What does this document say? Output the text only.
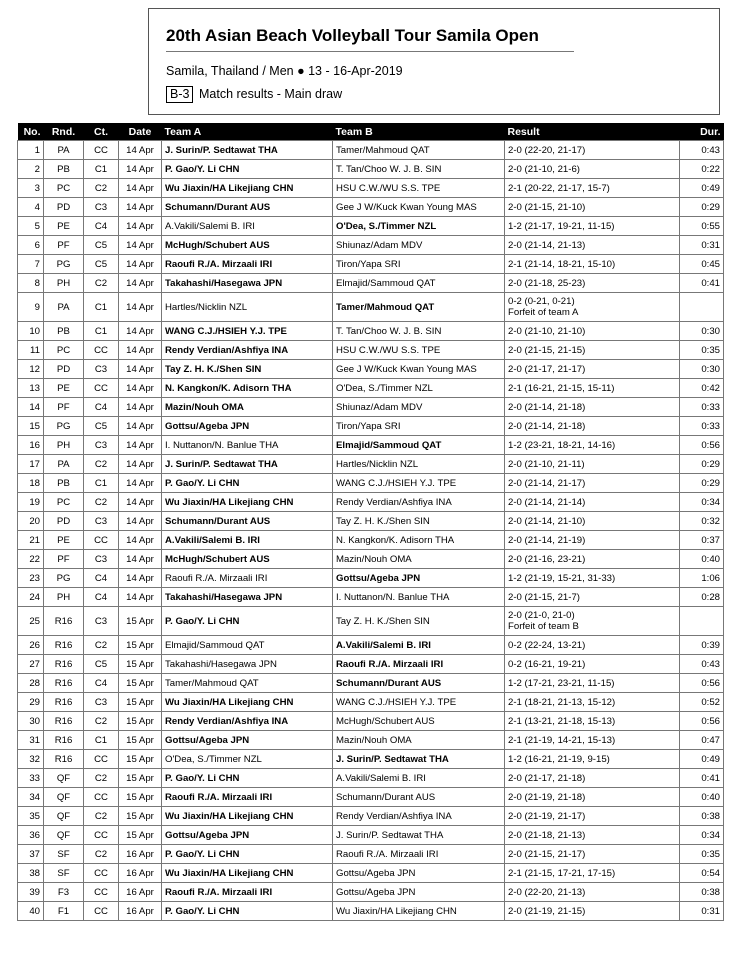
20th Asian Beach Volleyball Tour Samila Open
Samila, Thailand / Men ● 13 - 16-Apr-2019
B-3 Match results - Main draw
No.	Rnd.	Ct.	Date	Team A	Team B	Result	Dur.
1	PA	CC	14 Apr	J. Surin/P. Sedtawat THA	Tamer/Mahmoud QAT	2-0 (22-20, 21-17)	0:43
2	PB	C1	14 Apr	P. Gao/Y. Li CHN	T. Tan/Choo W. J. B. SIN	2-0 (21-10, 21-6)	0:22
3	PC	C2	14 Apr	Wu Jiaxin/HA Likejiang CHN	HSU C.W./WU S.S. TPE	2-1 (20-22, 21-17, 15-7)	0:49
4	PD	C3	14 Apr	Schumann/Durant AUS	Gee J W/Kuck Kwan Young MAS	2-0 (21-15, 21-10)	0:29
5	PE	C4	14 Apr	A.Vakili/Salemi B. IRI	O'Dea, S./Timmer NZL	1-2 (21-17, 19-21, 11-15)	0:55
6	PF	C5	14 Apr	McHugh/Schubert AUS	Shiunaz/Adam MDV	2-0 (21-14, 21-13)	0:31
7	PG	C5	14 Apr	Raoufi R./A. Mirzaali IRI	Tiron/Yapa SRI	2-1 (21-14, 18-21, 15-10)	0:45
8	PH	C2	14 Apr	Takahashi/Hasegawa JPN	Elmajid/Sammoud QAT	2-0 (21-18, 25-23)	0:41
9	PA	C1	14 Apr	Hartles/Nicklin NZL	Tamer/Mahmoud QAT	0-2 (0-21, 0-21)
Forfeit of team A	

10	PB	C1	14 Apr	WANG C.J./HSIEH Y.J. TPE	T. Tan/Choo W. J. B. SIN	2-0 (21-10, 21-10)	0:30
11	PC	CC	14 Apr	Rendy Verdian/Ashfiya INA	HSU C.W./WU S.S. TPE	2-0 (21-15, 21-15)	0:35
12	PD	C3	14 Apr	Tay Z. H. K./Shen SIN	Gee J W/Kuck Kwan Young MAS	2-0 (21-17, 21-17)	0:30
13	PE	CC	14 Apr	N. Kangkon/K. Adisorn THA	O'Dea, S./Timmer NZL	2-1 (16-21, 21-15, 15-11)	0:42
14	PF	C4	14 Apr	Mazin/Nouh OMA	Shiunaz/Adam MDV	2-0 (21-14, 21-18)	0:33
15	PG	C5	14 Apr	Gottsu/Ageba JPN	Tiron/Yapa SRI	2-0 (21-14, 21-18)	0:33
16	PH	C3	14 Apr	I. Nuttanon/N. Banlue THA	Elmajid/Sammoud QAT	1-2 (23-21, 18-21, 14-16)	0:56
17	PA	C2	14 Apr	J. Surin/P. Sedtawat THA	Hartles/Nicklin NZL	2-0 (21-10, 21-11)	0:29
18	PB	C1	14 Apr	P. Gao/Y. Li CHN	WANG C.J./HSIEH Y.J. TPE	2-0 (21-14, 21-17)	0:29
19	PC	C2	14 Apr	Wu Jiaxin/HA Likejiang CHN	Rendy Verdian/Ashfiya INA	2-0 (21-14, 21-14)	0:34
20	PD	C3	14 Apr	Schumann/Durant AUS	Tay Z. H. K./Shen SIN	2-0 (21-14, 21-10)	0:32
21	PE	CC	14 Apr	A.Vakili/Salemi B. IRI	N. Kangkon/K. Adisorn THA	2-0 (21-14, 21-19)	0:37
22	PF	C3	14 Apr	McHugh/Schubert AUS	Mazin/Nouh OMA	2-0 (21-16, 23-21)	0:40
23	PG	C4	14 Apr	Raoufi R./A. Mirzaali IRI	Gottsu/Ageba JPN	1-2 (21-19, 15-21, 31-33)	1:06
24	PH	C4	14 Apr	Takahashi/Hasegawa JPN	I. Nuttanon/N. Banlue THA	2-0 (21-15, 21-7)	0:28
25	R16	C3	15 Apr	P. Gao/Y. Li CHN	Tay Z. H. K./Shen SIN	2-0 (21-0, 21-0)
Forfeit of team B	

26	R16	C2	15 Apr	Elmajid/Sammoud QAT	A.Vakili/Salemi B. IRI	0-2 (22-24, 13-21)	0:39
27	R16	C5	15 Apr	Takahashi/Hasegawa JPN	Raoufi R./A. Mirzaali IRI	0-2 (16-21, 19-21)	0:43
28	R16	C4	15 Apr	Tamer/Mahmoud QAT	Schumann/Durant AUS	1-2 (17-21, 23-21, 11-15)	0:56
29	R16	C3	15 Apr	Wu Jiaxin/HA Likejiang CHN	WANG C.J./HSIEH Y.J. TPE	2-1 (18-21, 21-13, 15-12)	0:52
30	R16	C2	15 Apr	Rendy Verdian/Ashfiya INA	McHugh/Schubert AUS	2-1 (13-21, 21-18, 15-13)	0:56
31	R16	C1	15 Apr	Gottsu/Ageba JPN	Mazin/Nouh OMA	2-1 (21-19, 14-21, 15-13)	0:47
32	R16	CC	15 Apr	O'Dea, S./Timmer NZL	J. Surin/P. Sedtawat THA	1-2 (16-21, 21-19, 9-15)	0:49
33	QF	C2	15 Apr	P. Gao/Y. Li CHN	A.Vakili/Salemi B. IRI	2-0 (21-17, 21-18)	0:41
34	QF	CC	15 Apr	Raoufi R./A. Mirzaali IRI	Schumann/Durant AUS	2-0 (21-19, 21-18)	0:40
35	QF	C2	15 Apr	Wu Jiaxin/HA Likejiang CHN	Rendy Verdian/Ashfiya INA	2-0 (21-19, 21-17)	0:38
36	QF	CC	15 Apr	Gottsu/Ageba JPN	J. Surin/P. Sedtawat THA	2-0 (21-18, 21-13)	0:34
37	SF	C2	16 Apr	P. Gao/Y. Li CHN	Raoufi R./A. Mirzaali IRI	2-0 (21-15, 21-17)	0:35
38	SF	CC	16 Apr	Wu Jiaxin/HA Likejiang CHN	Gottsu/Ageba JPN	2-1 (21-15, 17-21, 17-15)	0:54
39	F3	CC	16 Apr	Raoufi R./A. Mirzaali IRI	Gottsu/Ageba JPN	2-0 (22-20, 21-13)	0:38
40	F1	CC	16 Apr	P. Gao/Y. Li CHN	Wu Jiaxin/HA Likejiang CHN	2-0 (21-19, 21-15)	0:31
